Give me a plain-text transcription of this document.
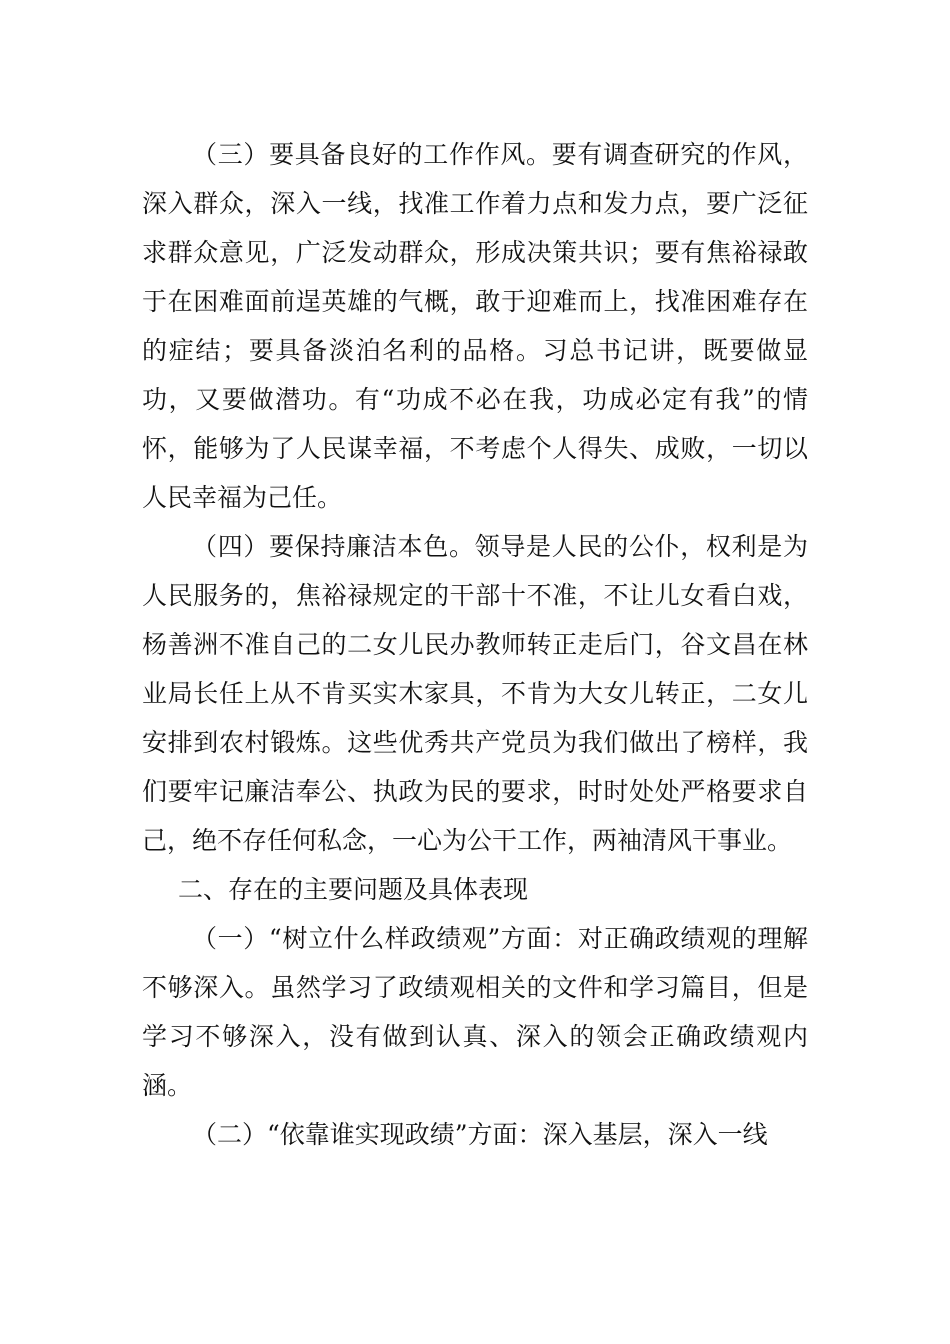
（三）要具备良好的工作作风。要有调查研究的作风，深入群众，深入一线，找准工作着力点和发力点，要广泛征求群众意见，广泛发动群众，形成决策共识；要有焦裕禄敢于在困难面前逞英雄的气概，敢于迎难而上，找准困难存在的症结；要具备淡泊名利的品格。习总书记讲，既要做显功，又要做潜功。有“功成不必在我，功成必定有我”的情怀，能够为了人民谋幸福，不考虑个人得失、成败，一切以人民幸福为己任。

（四）要保持廉洁本色。领导是人民的公仆，权利是为人民服务的，焦裕禄规定的干部十不准，不让儿女看白戏，杨善洲不准自己的二女儿民办教师转正走后门，谷文昌在林业局长任上从不肯买实木家具，不肯为大女儿转正，二女儿安排到农村锻炼。这些优秀共产党员为我们做出了榜样，我们要牢记廉洁奉公、执政为民的要求，时时处处严格要求自己，绝不存任何私念，一心为公干工作，两袖清风干事业。

二、存在的主要问题及具体表现

（一）“树立什么样政绩观”方面：对正确政绩观的理解不够深入。虽然学习了政绩观相关的文件和学习篇目，但是学习不够深入，没有做到认真、深入的领会正确政绩观内涵。

（二）“依靠谁实现政绩”方面：深入基层，深入一线
